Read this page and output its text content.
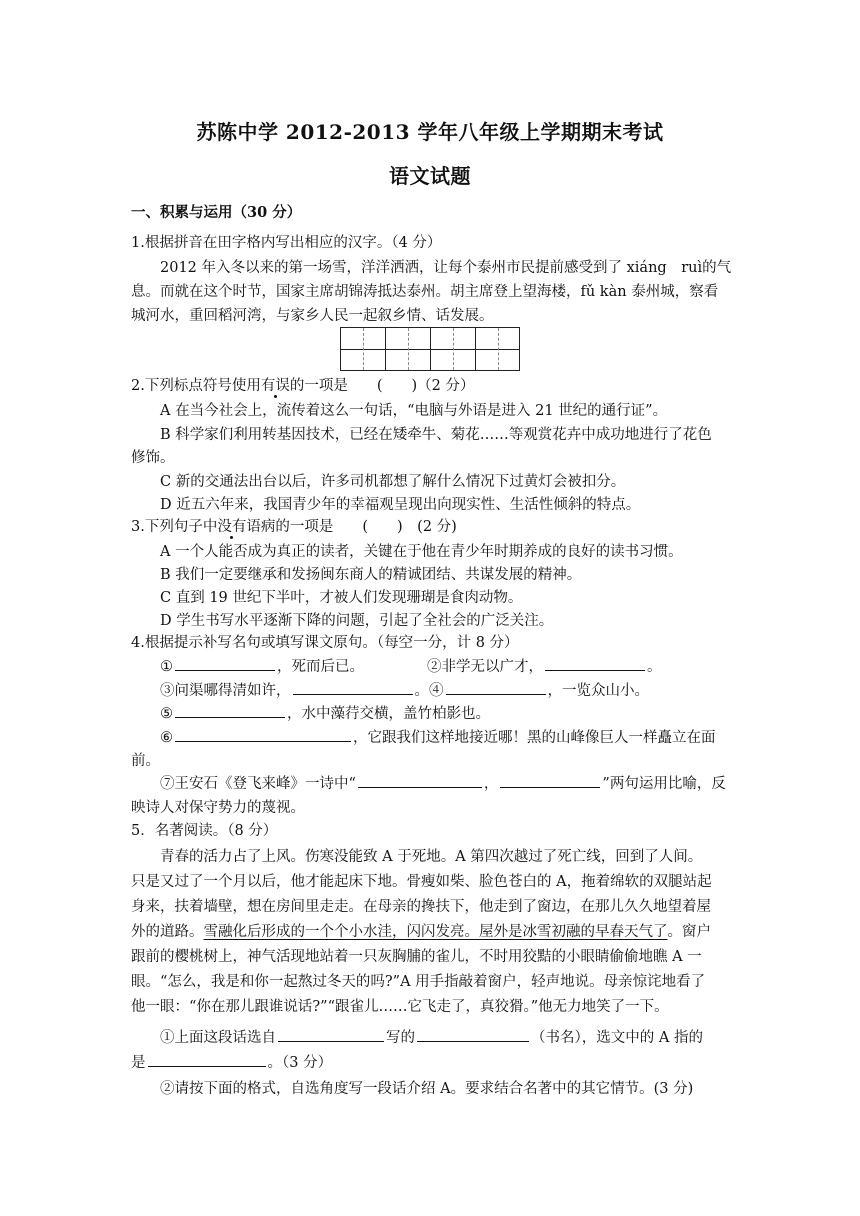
苏陈中学 2012-2013 学年八年级上学期期末考试
语文试题
一、积累与运用（30 分）
1.根据拼音在田字格内写出相应的汉字。（4 分）
2012 年入冬以来的第一场雪，洋洋洒洒，让每个泰州市民提前感受到了 xiáng　ruì的气
息。而就在这个时节，国家主席胡锦涛抵达泰州。胡主席登上望海楼，fǔ kàn 泰州城，察看
城河水，重回稻河湾，与家乡人民一起叙乡情、话发展。
2.下列标点符号使用有误的一项是　　(　　)（2 分）
A 在当今社会上，流传着这么一句话，“电脑与外语是进入 21 世纪的通行证”。
B 科学家们利用转基因技术，已经在矮牵牛、菊花……等观赏花卉中成功地进行了花色
修饰。
C 新的交通法出台以后，许多司机都想了解什么情况下过黄灯会被扣分。
D 近五六年来，我国青少年的幸福观呈现出向现实性、生活性倾斜的特点。
3.下列句子中没有语病的一项是　　(　　)　(2 分)
A 一个人能否成为真正的读者，关键在于他在青少年时期养成的良好的读书习惯。
B 我们一定要继承和发扬闽东商人的精诚团结、共谋发展的精神。
C 直到 19 世纪下半叶，才被人们发现珊瑚是食肉动物。
D 学生书写水平逐渐下降的问题，引起了全社会的广泛关注。
4.根据提示补写名句或填写课文原句。（每空一分，计 8 分）
①	，死而后已。	②非学无以广才，	。
③问渠哪得清如许，	。④	，一览众山小。
⑤	，水中藻荇交横，盖竹柏影也。
⑥	，它跟我们这样地接近哪！黑的山峰像巨人一样矗立在面
前。
⑦王安石《登飞来峰》一诗中“	，	”两句运用比喻，反
映诗人对保守势力的蔑视。
5．名著阅读。（8 分）
青春的活力占了上风。伤寒没能致 A 于死地。A 第四次越过了死亡线，回到了人间。
只是又过了一个月以后，他才能起床下地。骨瘦如柴、脸色苍白的 A，拖着绵软的双腿站起
身来，扶着墙壁，想在房间里走走。在母亲的搀扶下，他走到了窗边，在那儿久久地望着屋
外的道路。雪融化后形成的一个个小水洼，闪闪发亮。屋外是冰雪初融的早春天气了。窗户
跟前的樱桃树上，神气活现地站着一只灰胸脯的雀儿，不时用狡黠的小眼睛偷偷地瞧 A 一
眼。“怎么，我是和你一起熬过冬天的吗?”A 用手指敲着窗户，轻声地说。母亲惊诧地看了
他一眼：“你在那儿跟谁说话?”“跟雀儿……它飞走了，真狡猾。”他无力地笑了一下。
①上面这段话选自	写的	（书名），选文中的 A 指的
是	。（3 分）
②请按下面的格式，自选角度写一段话介绍 A。要求结合名著中的其它情节。(3 分)
